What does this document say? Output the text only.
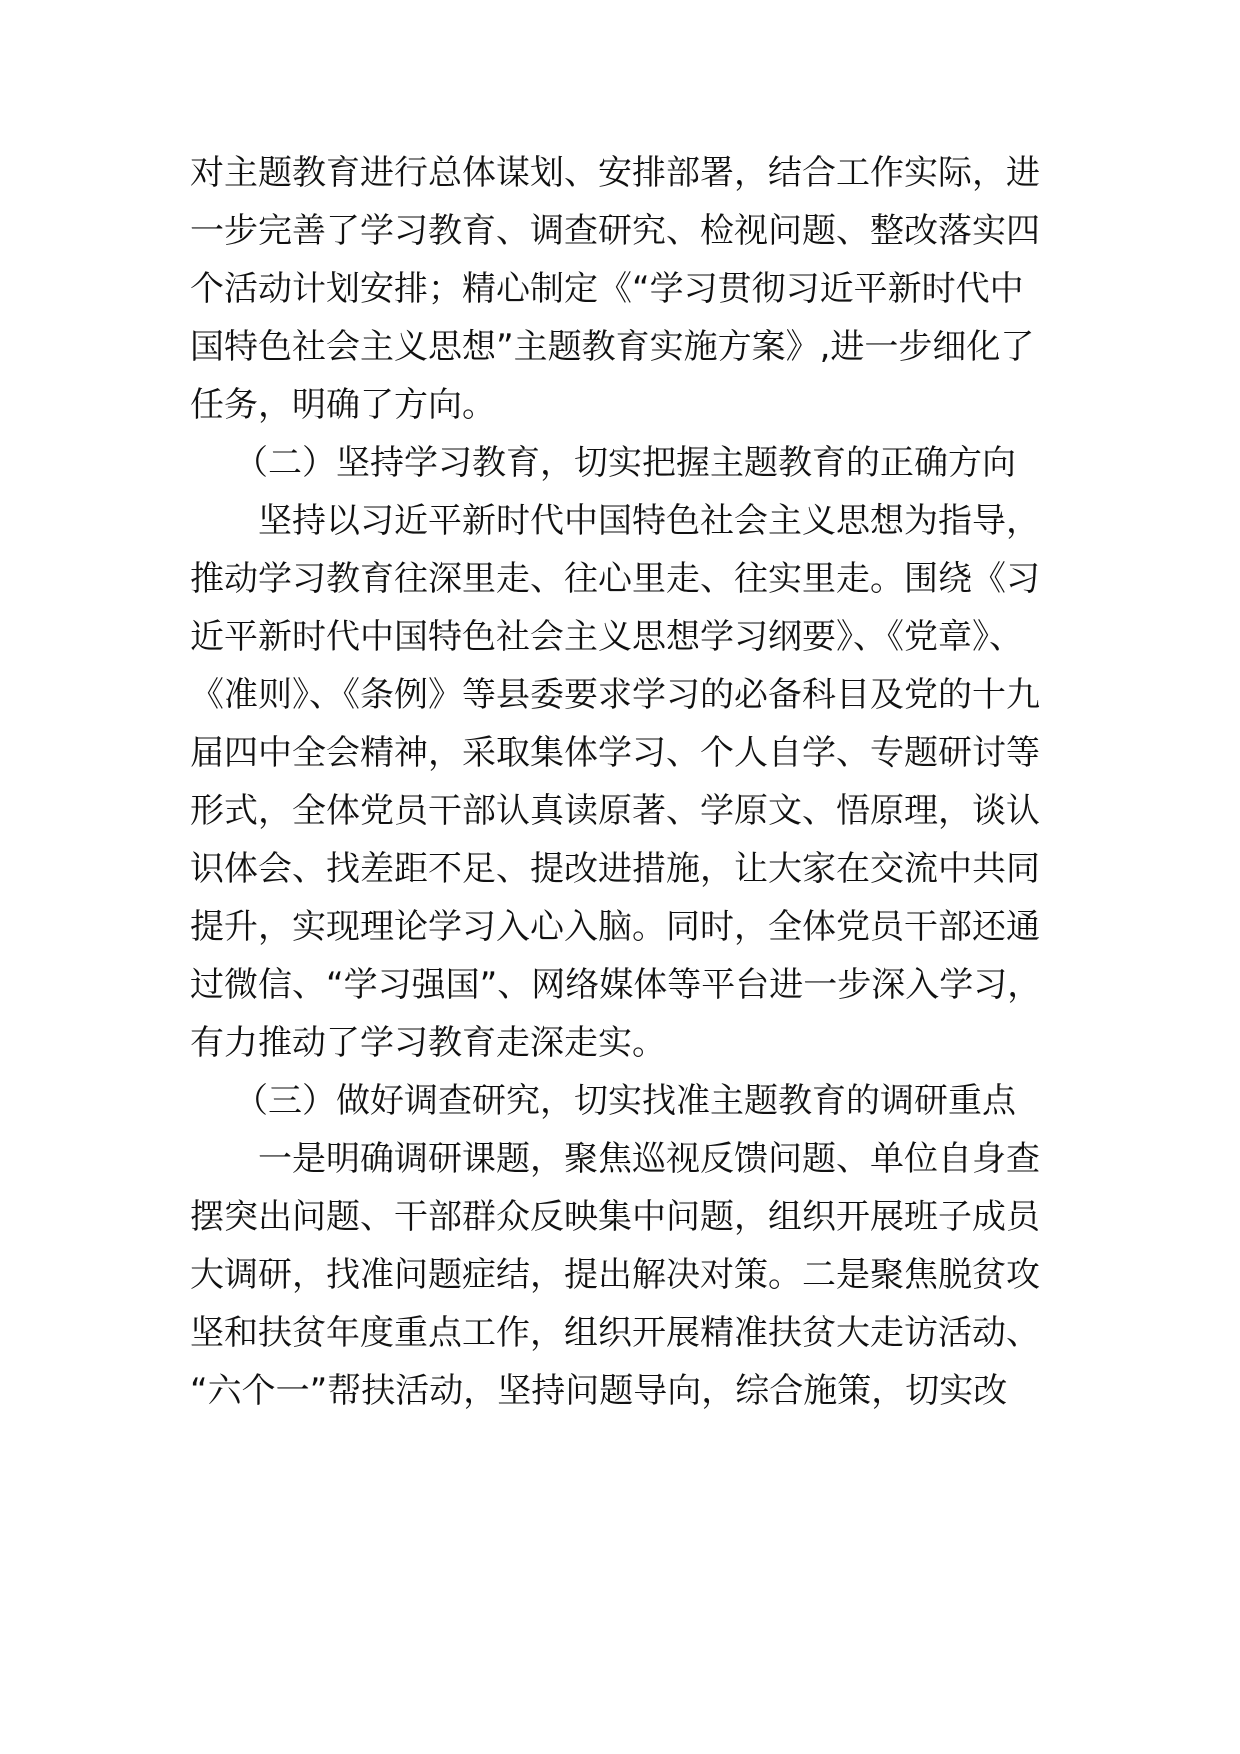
对主题教育进行总体谋划、安排部署，结合工作实际，进
一步完善了学习教育、调查研究、检视问题、整改落实四
个活动计划安排；精心制定《“学习贯彻习近平新时代中
国特色社会主义思想”主题教育实施方案》,进一步细化了
任务，明确了方向。
（二）坚持学习教育，切实把握主题教育的正确方向
坚持以习近平新时代中国特色社会主义思想为指导，
推动学习教育往深里走、往心里走、往实里走。围绕《习
近平新时代中国特色社会主义思想学习纲要》、《党章》、
《准则》、《条例》等县委要求学习的必备科目及党的十九
届四中全会精神，采取集体学习、个人自学、专题研讨等
形式，全体党员干部认真读原著、学原文、悟原理，谈认
识体会、找差距不足、提改进措施，让大家在交流中共同
提升，实现理论学习入心入脑。同时，全体党员干部还通
过微信、“学习强国”、网络媒体等平台进一步深入学习，
有力推动了学习教育走深走实。
（三）做好调查研究，切实找准主题教育的调研重点
一是明确调研课题，聚焦巡视反馈问题、单位自身查
摆突出问题、干部群众反映集中问题，组织开展班子成员
大调研，找准问题症结，提出解决对策。二是聚焦脱贫攻
坚和扶贫年度重点工作，组织开展精准扶贫大走访活动、
“六个一”帮扶活动，坚持问题导向，综合施策，切实改
